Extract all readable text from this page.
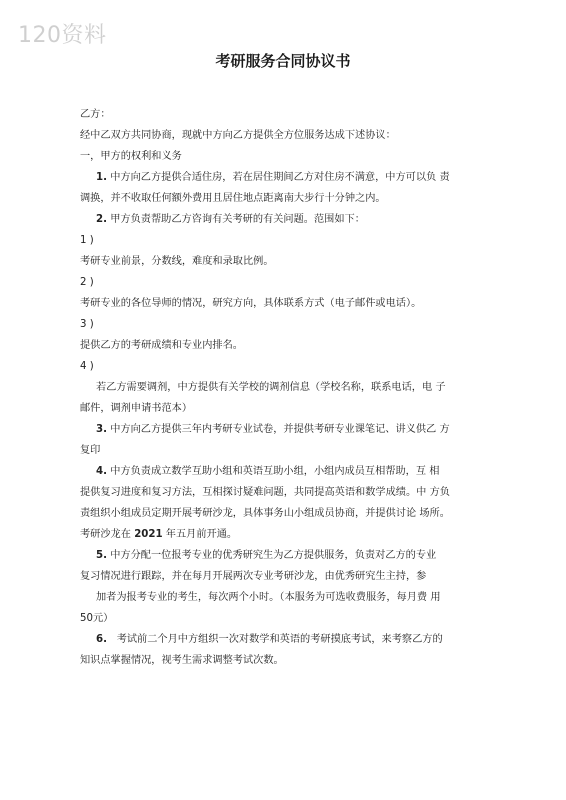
120资料
考研服务合同协议书

乙方：

经中乙双方共同协商，现就中方向乙方提供全方位服务达成下述协议：

一，甲方的权利和义务

1. 中方向乙方提供合适住房，若在居住期间乙方对住房不满意，中方可以负 责

调换，并不收取任何额外费用且居住地点距离南大步行十分钟之内。

2. 甲方负责帮助乙方咨询有关考研的有关问题。范围如下：

1 )

考研专业前景，分数线，难度和录取比例。

2 )

考研专业的各位导师的情况，研究方向，具体联系方式（电子邮件或电话）。

3 )

提供乙方的考研成绩和专业内排名。

4 )

若乙方需要调剂，中方提供有关学校的调剂信息（学校名称，联系电话，电 子

邮件，调剂申请书范本）

3. 中方向乙方提供三年内考研专业试卷，并提供考研专业课笔记、讲义供乙 方

复印

4. 中方负责成立数学互助小组和英语互助小组，小组内成员互相帮助，互 相

提供复习进度和复习方法，互相探讨疑难问题，共同提高英语和数学成绩。中 方负

责组织小组成员定期开展考研沙龙，具体事务山小组成员协商，并提供讨论 场所。

考研沙龙在 2021 年五月前开通。

5. 中方分配一位报考专业的优秀研究生为乙方提供服务，负责对乙方的专业

复习情况进行跟踪，并在每月开展两次专业考研沙龙，由优秀研究生主持，参

加者为报考专业的考生，每次两个小时。（本服务为可选收费服务，每月费 用

50元）

6. 考试前二个月中方组织一次对数学和英语的考研摸底考试，来考察乙方的

知识点掌握情况，视考生需求调整考试次数。
